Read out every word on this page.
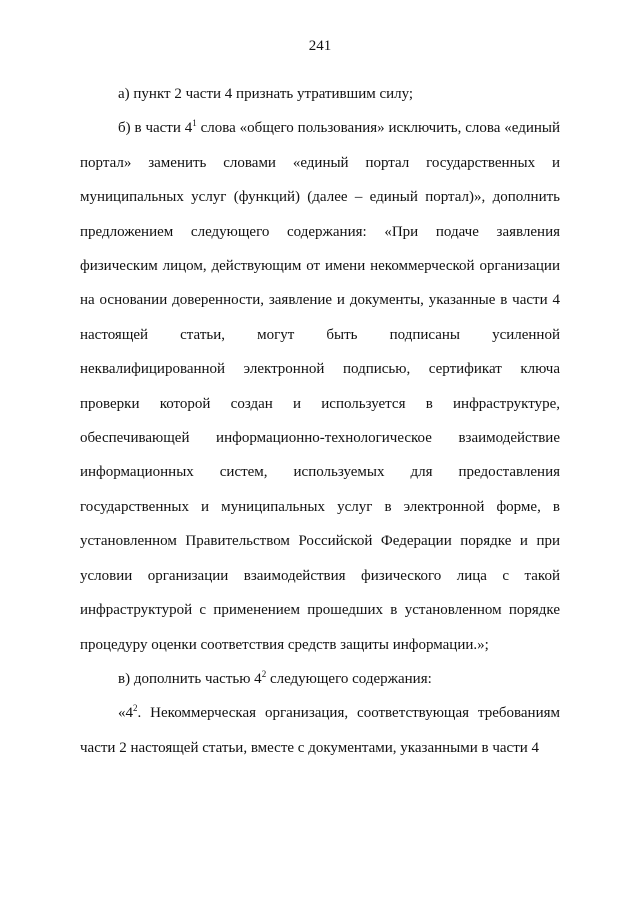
241

а) пункт 2 части 4 признать утратившим силу;

б) в части $4^1$ слова «общего пользования» исключить, слова «единый портал» заменить словами «единый портал государственных и муниципальных услуг (функций) (далее – единый портал)», дополнить предложением следующего содержания: «При подаче заявления физическим лицом, действующим от имени некоммерческой организации на основании доверенности, заявление и документы, указанные в части 4 настоящей статьи, могут быть подписаны усиленной неквалифицированной электронной подписью, сертификат ключа проверки которой создан и используется в инфраструктуре, обеспечивающей информационно-технологическое взаимодействие информационных систем, используемых для предоставления государственных и муниципальных услуг в электронной форме, в установленном Правительством Российской Федерации порядке и при условии организации взаимодействия физического лица с такой инфраструктурой с применением прошедших в установленном порядке процедуру оценки соответствия средств защиты информации.»;

в) дополнить частью $4^2$ следующего содержания:

«$4^2$. Некоммерческая организация, соответствующая требованиям части 2 настоящей статьи, вместе с документами, указанными в части 4
